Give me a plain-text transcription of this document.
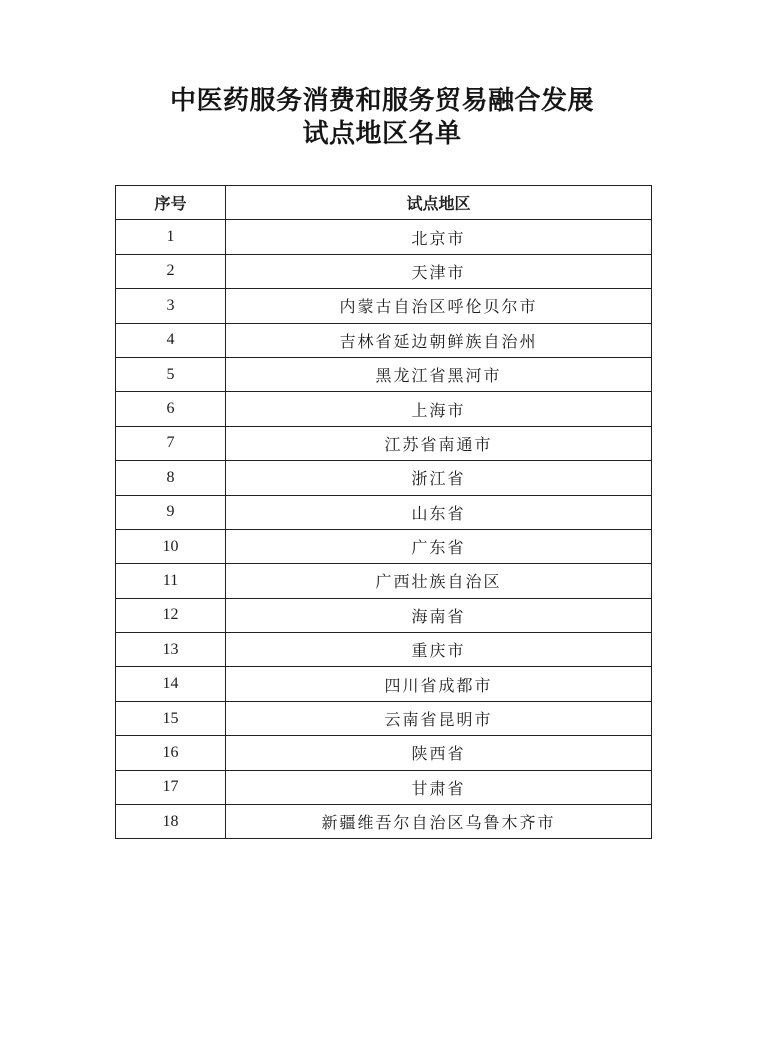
中医药服务消费和服务贸易融合发展
试点地区名单
序号	试点地区
1	北京市
2	天津市
3	内蒙古自治区呼伦贝尔市
4	吉林省延边朝鲜族自治州
5	黑龙江省黑河市
6	上海市
7	江苏省南通市
8	浙江省
9	山东省
10	广东省
11	广西壮族自治区
12	海南省
13	重庆市
14	四川省成都市
15	云南省昆明市
16	陕西省
17	甘肃省
18	新疆维吾尔自治区乌鲁木齐市
